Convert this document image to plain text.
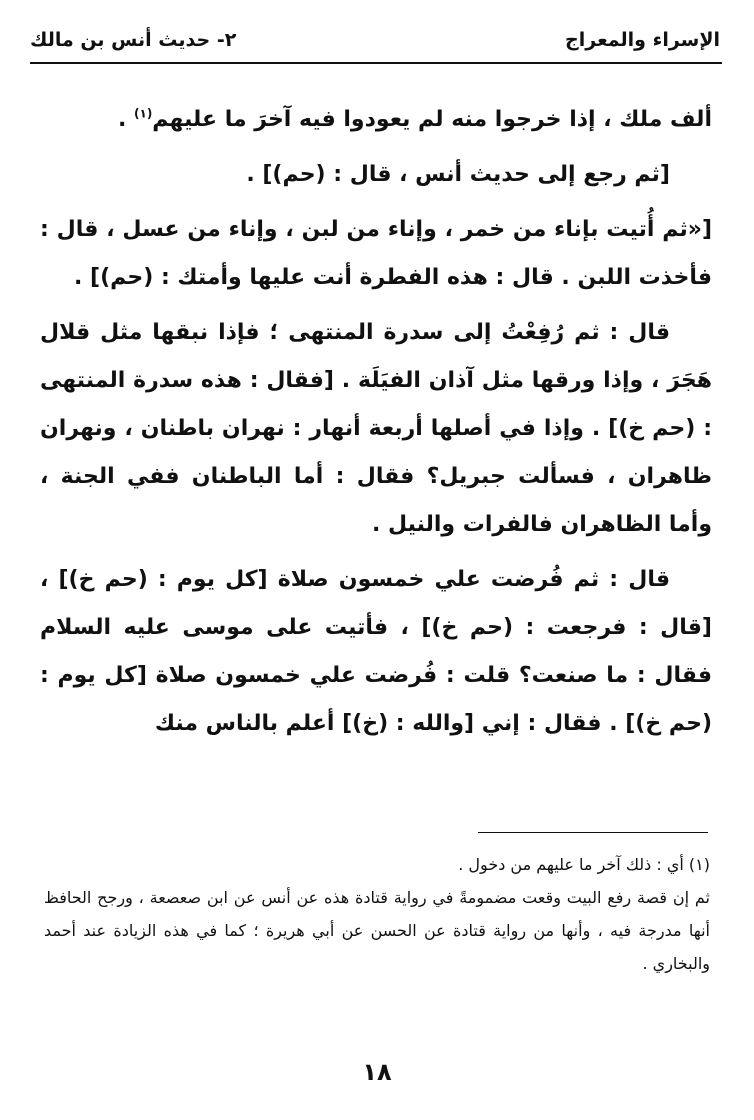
الإسراء والمعراج
٢- حديث أنس بن مالك

ألف ملك ، إذا خرجوا منه لم يعودوا فيه آخرَ ما عليهم$^{(١)}$ .

[ثم رجع إلى حديث أنس ، قال : (حم)] .

[«ثم أُتيت بإناء من خمر ، وإناء من لبن ، وإناء من عسل ، قال : فأخذت اللبن . قال : هذه الفطرة أنت عليها وأمتك : (حم)] .

قال : ثم رُفِعْتُ إلى سدرة المنتهى ؛ فإذا نبقها مثل قلال هَجَرَ ، وإذا ورقها مثل آذان الفيَلَة . [فقال : هذه سدرة المنتهى : (حم خ)] . وإذا في أصلها أربعة أنهار : نهران باطنان ، ونهران ظاهران ، فسألت جبريل؟ فقال : أما الباطنان ففي الجنة ، وأما الظاهران فالفرات والنيل .

قال : ثم فُرضت علي خمسون صلاة [كل يوم : (حم خ)] ، [قال : فرجعت : (حم خ)] ، فأتيت على موسى عليه السلام فقال : ما صنعت؟ قلت : فُرضت علي خمسون صلاة [كل يوم : (حم خ)] . فقال : إني [والله : (خ)] أعلم بالناس منك

(١) أي : ذلك آخر ما عليهم من دخول .

ثم إن قصة رفع البيت وقعت مضمومةً في رواية قتادة هذه عن أنس عن ابن صعصعة ، ورجح الحافظ أنها مدرجة فيه ، وأنها من رواية قتادة عن الحسن عن أبي هريرة ؛ كما في هذه الزيادة عند أحمد والبخاري .

١٨
